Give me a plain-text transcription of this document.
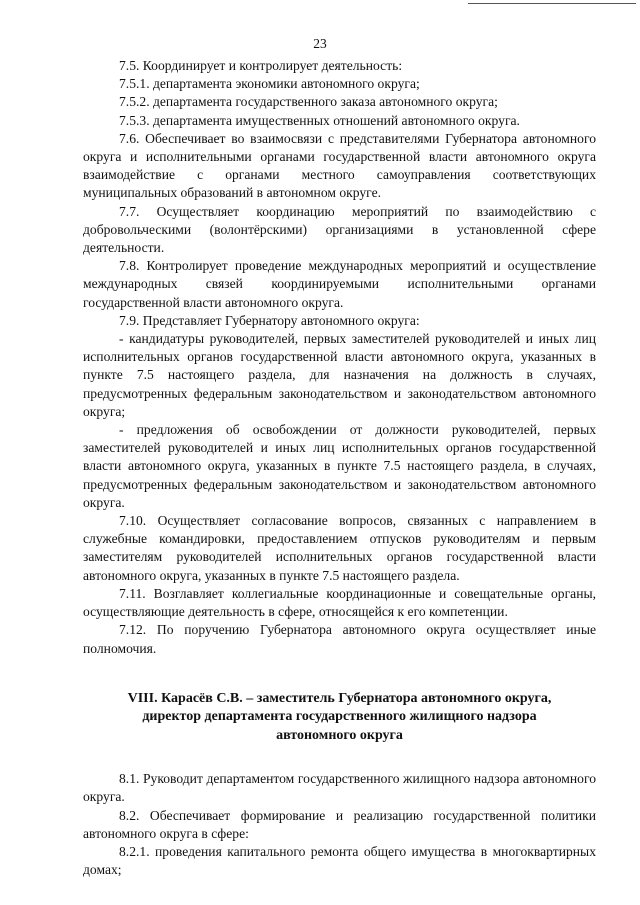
23

7.5. Координирует и контролирует деятельность:

7.5.1. департамента экономики автономного округа;

7.5.2. департамента государственного заказа автономного округа;

7.5.3. департамента имущественных отношений автономного округа.

7.6. Обеспечивает во взаимосвязи с представителями Губернатора автономного округа и исполнительными органами государственной власти автономного округа взаимодействие с органами местного самоуправления соответствующих муниципальных образований в автономном округе.

7.7. Осуществляет координацию мероприятий по взаимодействию с добровольческими (волонтёрскими) организациями в установленной сфере деятельности.

7.8. Контролирует проведение международных мероприятий и осуществление международных связей координируемыми исполнительными органами государственной власти автономного округа.

7.9. Представляет Губернатору автономного округа:

- кандидатуры руководителей, первых заместителей руководителей и иных лиц исполнительных органов государственной власти автономного округа, указанных в пункте 7.5 настоящего раздела, для назначения на должность в случаях, предусмотренных федеральным законодательством и законодательством автономного округа;

- предложения об освобождении от должности руководителей, первых заместителей руководителей и иных лиц исполнительных органов государственной власти автономного округа, указанных в пункте 7.5 настоящего раздела, в случаях, предусмотренных федеральным законодательством и законодательством автономного округа.

7.10. Осуществляет согласование вопросов, связанных с направлением в служебные командировки, предоставлением отпусков руководителям и первым заместителям руководителей исполнительных органов государственной власти автономного округа, указанных в пункте 7.5 настоящего раздела.

7.11. Возглавляет коллегиальные координационные и совещательные органы, осуществляющие деятельность в сфере, относящейся к его компетенции.

7.12. По поручению Губернатора автономного округа осуществляет иные полномочия.

VIII. Карасёв С.В. – заместитель Губернатора автономного округа,
директор департамента государственного жилищного надзора
автономного округа

8.1. Руководит департаментом государственного жилищного надзора автономного округа.

8.2. Обеспечивает формирование и реализацию государственной политики автономного округа в сфере:

8.2.1. проведения капитального ремонта общего имущества в многоквартирных домах;
